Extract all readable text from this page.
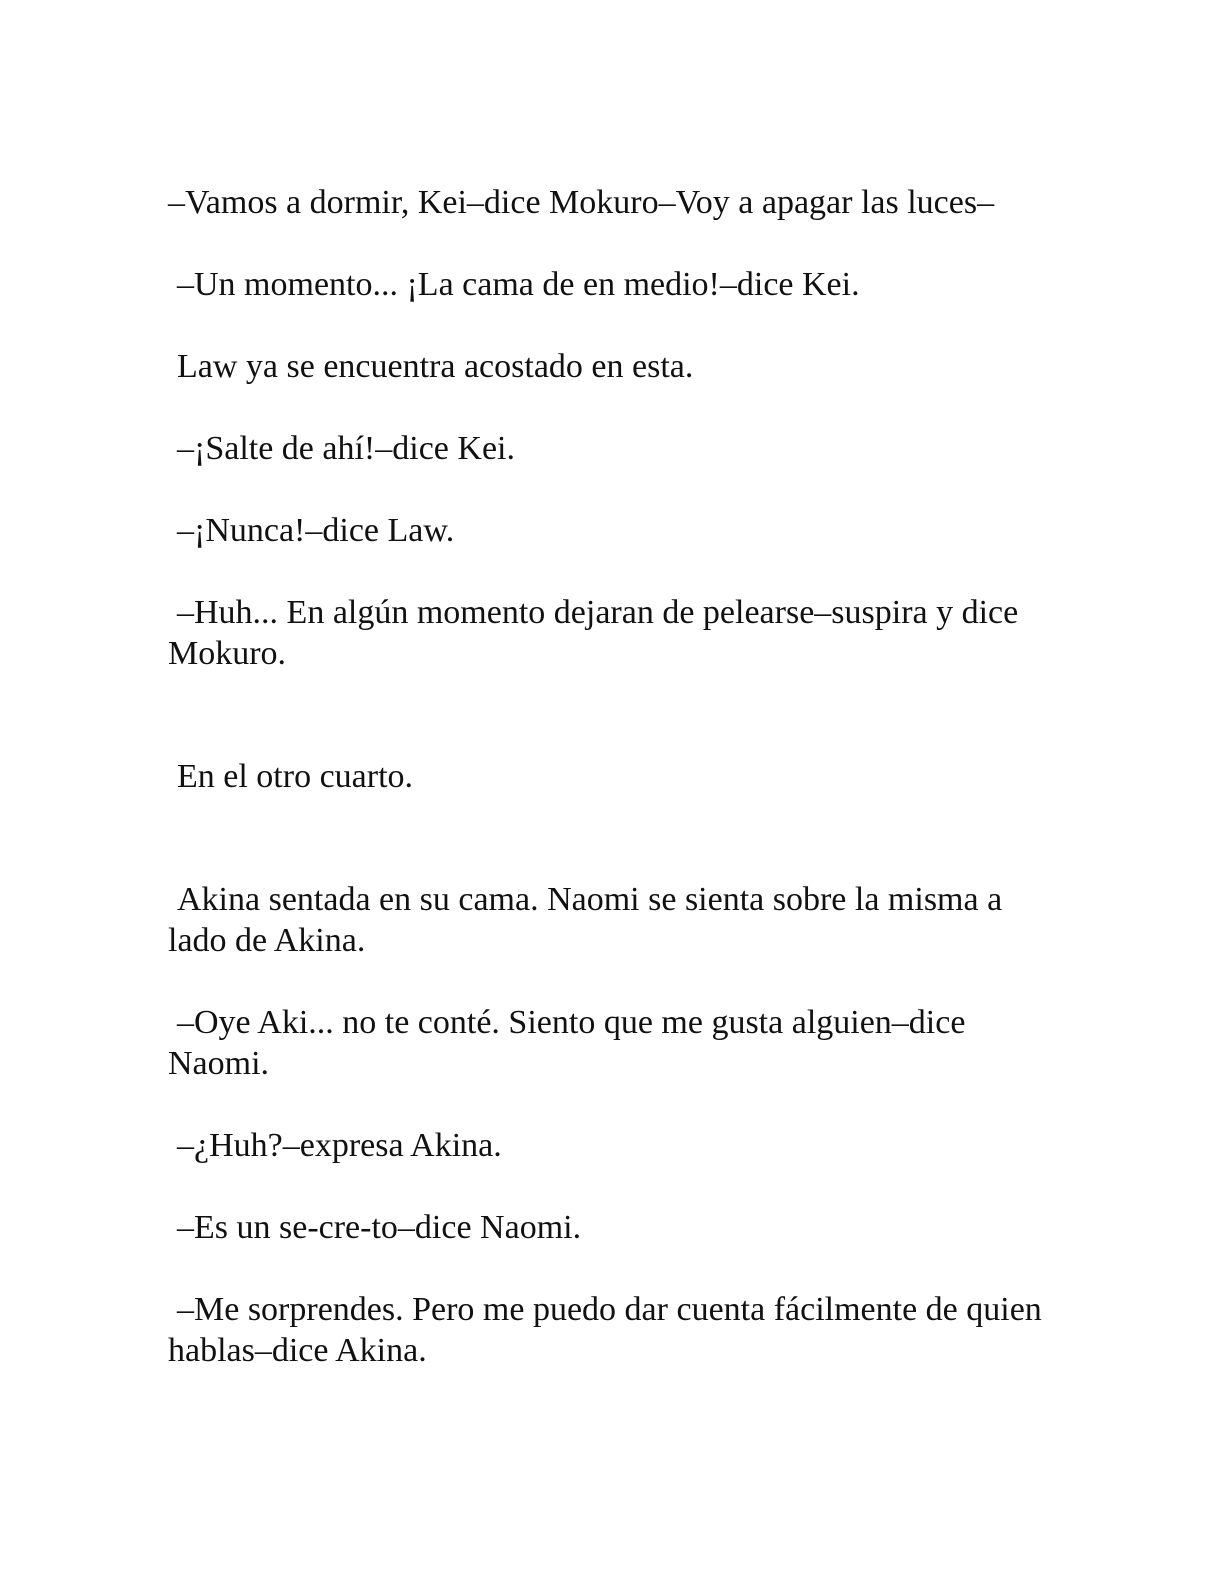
–Vamos a dormir, Kei–dice Mokuro–Voy a apagar las luces–

–Un momento... ¡La cama de en medio!–dice Kei.

Law ya se encuentra acostado en esta.

–¡Salte de ahí!–dice Kei.

–¡Nunca!–dice Law.

–Huh... En algún momento dejaran de pelearse–suspira y dice Mokuro.

En el otro cuarto.

Akina sentada en su cama. Naomi se sienta sobre la misma a lado de Akina.

–Oye Aki... no te conté. Siento que me gusta alguien–dice Naomi.

–¿Huh?–expresa Akina.

–Es un se-cre-to–dice Naomi.

–Me sorprendes. Pero me puedo dar cuenta fácilmente de quien hablas–dice Akina.
